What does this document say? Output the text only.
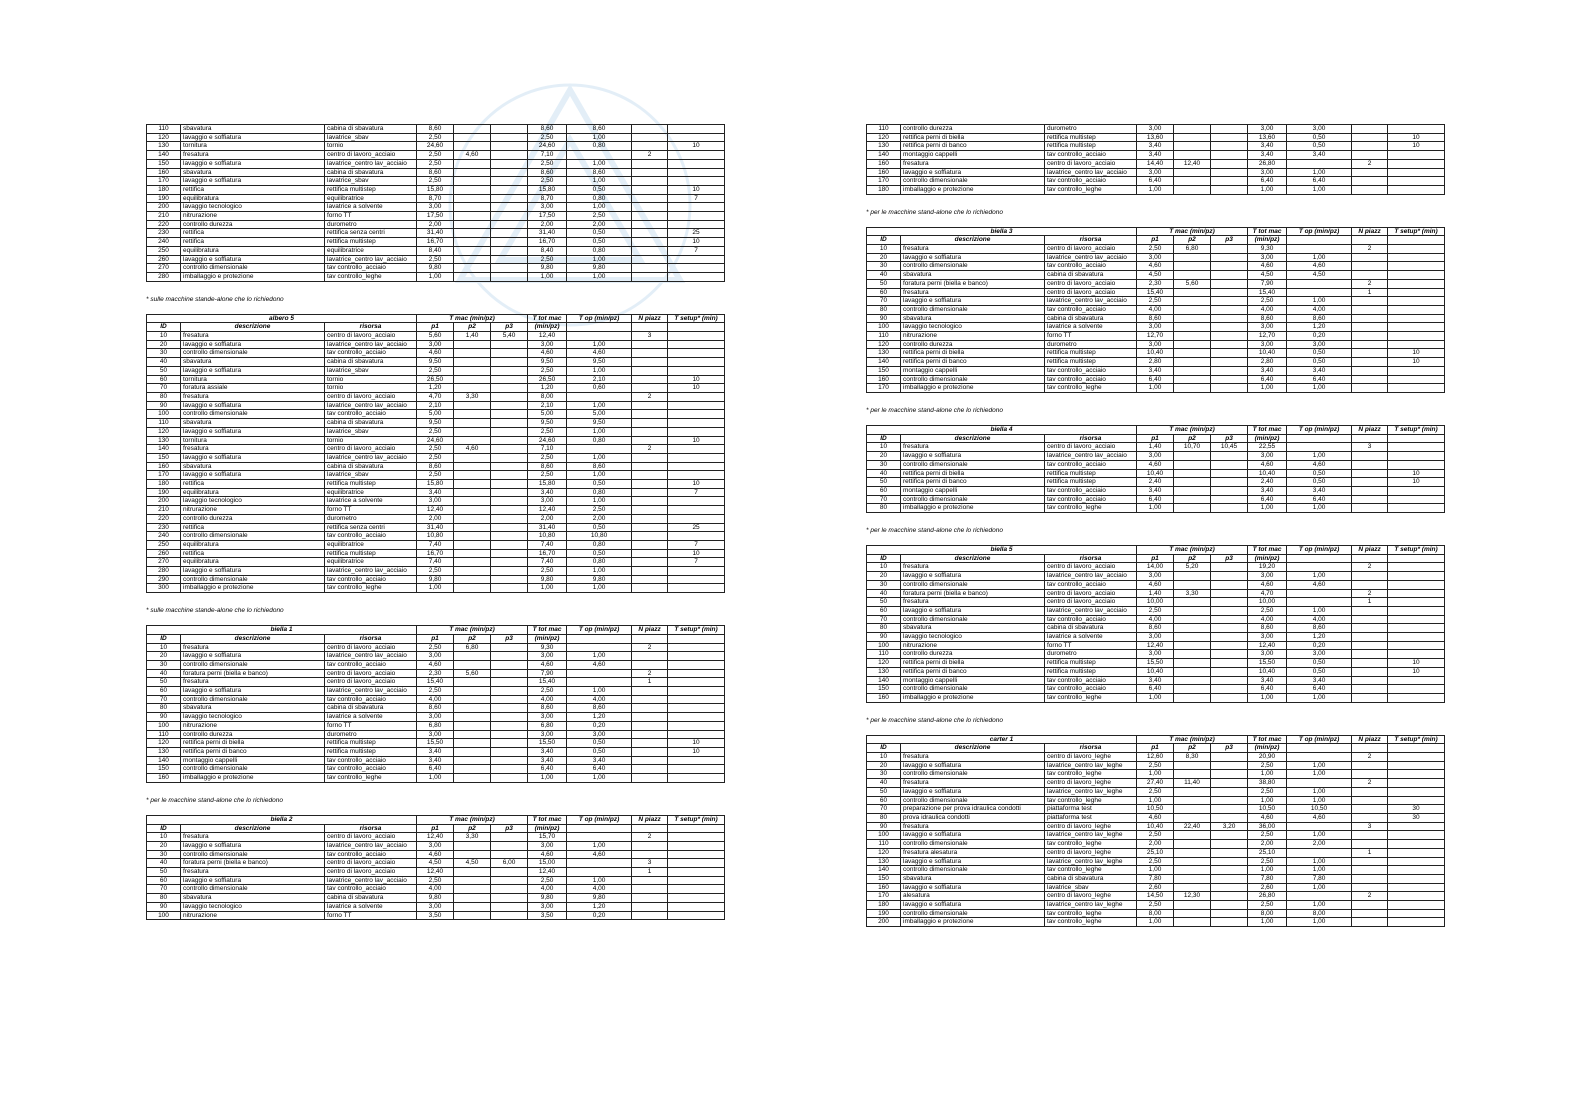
110	sbavatura	cabina di sbavatura	8,60			8,60	8,60		
120	lavaggio e soffiatura	lavatrice_sbav	2,50			2,50	1,00		
130	tornitura	tornio	24,60			24,60	0,80		10
140	fresatura	centro di lavoro_acciaio	2,50	4,60		7,10		2	
150	lavaggio e soffiatura	lavatrice_centro lav_acciaio	2,50			2,50	1,00		
160	sbavatura	cabina di sbavatura	8,60			8,60	8,60		
170	lavaggio e soffiatura	lavatrice_sbav	2,50			2,50	1,00		
180	rettifica	rettifica multistep	15,80			15,80	0,50		10
190	equilibratura	equilibratrice	8,70			8,70	0,80		7
200	lavaggio tecnologico	lavatrice a solvente	3,00			3,00	1,00		
210	nitrurazione	forno TT	17,50			17,50	2,50		
220	controllo durezza	durometro	2,00			2,00	2,00		
230	rettifica	rettifica senza centri	31,40			31,40	0,50		25
240	rettifica	rettifica multistep	16,70			16,70	0,50		10
250	equilibratura	equilibratrice	8,40			8,40	0,80		7
260	lavaggio e soffiatura	lavatrice_centro lav_acciaio	2,50			2,50	1,00		
270	controllo dimensionale	tav controllo_acciaio	9,80			9,80	9,80		
280	imballaggio e protezione	tav controllo_leghe	1,00			1,00	1,00		
* sulle macchine stande-alone che lo richiedono
albero 5			T mac (min/pz)			T tot mac	T op (min/pz)	N piazz	T setup* (min)
ID	descrizione	risorsa	p1	p2	p3	(min/pz)			
10	fresatura	centro di lavoro_acciaio	5,60	1,40	5,40	12,40		3	
20	lavaggio e soffiatura	lavatrice_centro lav_acciaio	3,00			3,00	1,00		
30	controllo dimensionale	tav controllo_acciaio	4,60			4,60	4,60		
40	sbavatura	cabina di sbavatura	9,50			9,50	9,50		
50	lavaggio e soffiatura	lavatrice_sbav	2,50			2,50	1,00		
60	tornitura	tornio	26,50			26,50	2,10		10
70	foratura assiale	tornio	1,20			1,20	0,60		10
80	fresatura	centro di lavoro_acciaio	4,70	3,30		8,00		2	
90	lavaggio e soffiatura	lavatrice_centro lav_acciaio	2,10			2,10	1,00		
100	controllo dimensionale	tav controllo_acciaio	5,00			5,00	5,00		
110	sbavatura	cabina di sbavatura	9,50			9,50	9,50		
120	lavaggio e soffiatura	lavatrice_sbav	2,50			2,50	1,00		
130	tornitura	tornio	24,60			24,60	0,80		10
140	fresatura	centro di lavoro_acciaio	2,50	4,60		7,10		2	
150	lavaggio e soffiatura	lavatrice_centro lav_acciaio	2,50			2,50	1,00		
160	sbavatura	cabina di sbavatura	8,60			8,60	8,60		
170	lavaggio e soffiatura	lavatrice_sbav	2,50			2,50	1,00		
180	rettifica	rettifica multistep	15,80			15,80	0,50		10
190	equilibratura	equilibratrice	3,40			3,40	0,80		7
200	lavaggio tecnologico	lavatrice a solvente	3,00			3,00	1,00		
210	nitrurazione	forno TT	12,40			12,40	2,50		
220	controllo durezza	durometro	2,00			2,00	2,00		
230	rettifica	rettifica senza centri	31,40			31,40	0,50		25
240	controllo dimensionale	tav controllo_acciaio	10,80			10,80	10,80		
250	equilibratura	equilibratrice	7,40			7,40	0,80		7
260	rettifica	rettifica multistep	16,70			16,70	0,50		10
270	equilibratura	equilibratrice	7,40			7,40	0,80		7
280	lavaggio e soffiatura	lavatrice_centro lav_acciaio	2,50			2,50	1,00		
290	controllo dimensionale	tav controllo_acciaio	9,80			9,80	9,80		
300	imballaggio e protezione	tav controllo_leghe	1,00			1,00	1,00		
* sulle macchine stande-alone che lo richiedono
biella 1			T mac (min/pz)			T tot mac	T op (min/pz)	N piazz	T setup* (min)
ID	descrizione	risorsa	p1	p2	p3	(min/pz)			
10	fresatura	centro di lavoro_acciaio	2,50	6,80		9,30		2	
20	lavaggio e soffiatura	lavatrice_centro lav_acciaio	3,00			3,00	1,00		
30	controllo dimensionale	tav controllo_acciaio	4,60			4,60	4,60		
40	foratura perni (biella e banco)	centro di lavoro_acciaio	2,30	5,60		7,90		2	
50	fresatura	centro di lavoro_acciaio	15,40			15,40		1	
60	lavaggio e soffiatura	lavatrice_centro lav_acciaio	2,50			2,50	1,00		
70	controllo dimensionale	tav controllo_acciaio	4,00			4,00	4,00		
80	sbavatura	cabina di sbavatura	8,60			8,60	8,60		
90	lavaggio tecnologico	lavatrice a solvente	3,00			3,00	1,20		
100	nitrurazione	forno TT	6,80			6,80	0,20		
110	controllo durezza	durometro	3,00			3,00	3,00		
120	rettifica perni di biella	rettifica multistep	15,50			15,50	0,50		10
130	rettifica perni di banco	rettifica multistep	3,40			3,40	0,50		10
140	montaggio cappelli	tav controllo_acciaio	3,40			3,40	3,40		
150	controllo dimensionale	tav controllo_acciaio	6,40			6,40	6,40		
160	imballaggio e protezione	tav controllo_leghe	1,00			1,00	1,00		
* per le macchine stand-alone che lo richiedono
biella 2			T mac (min/pz)			T tot mac	T op (min/pz)	N piazz	T setup* (min)
ID	descrizione	risorsa	p1	p2	p3	(min/pz)			
10	fresatura	centro di lavoro_acciaio	12,40	3,30		15,70		2	
20	lavaggio e soffiatura	lavatrice_centro lav_acciaio	3,00			3,00	1,00		
30	controllo dimensionale	tav controllo_acciaio	4,60			4,60	4,60		
40	foratura perni (biella e banco)	centro di lavoro_acciaio	4,50	4,50	6,00	15,00		3	
50	fresatura	centro di lavoro_acciaio	12,40			12,40		1	
60	lavaggio e soffiatura	lavatrice_centro lav_acciaio	2,50			2,50	1,00		
70	controllo dimensionale	tav controllo_acciaio	4,00			4,00	4,00		
80	sbavatura	cabina di sbavatura	9,80			9,80	9,80		
90	lavaggio tecnologico	lavatrice a solvente	3,00			3,00	1,20		
100	nitrurazione	forno TT	3,50			3,50	0,20		
110	controllo durezza	durometro	3,00			3,00	3,00		
120	rettifica perni di biella	rettifica multistep	13,60			13,60	0,50		10
130	rettifica perni di banco	rettifica multistep	3,40			3,40	0,50		10
140	montaggio cappelli	tav controllo_acciaio	3,40			3,40	3,40		
160	fresatura	centro di lavoro_acciaio	14,40	12,40		26,80		2	
160	lavaggio e soffiatura	lavatrice_centro lav_acciaio	3,00			3,00	1,00		
170	controllo dimensionale	tav controllo_acciaio	6,40			6,40	6,40		
180	imballaggio e protezione	tav controllo_leghe	1,00			1,00	1,00		
* per le macchine stand-alone che lo richiedono
biella 3			T mac (min/pz)			T tot mac	T op (min/pz)	N piazz	T setup* (min)
ID	descrizione	risorsa	p1	p2	p3	(min/pz)			
10	fresatura	centro di lavoro_acciaio	2,50	6,80		9,30		2	
20	lavaggio e soffiatura	lavatrice_centro lav_acciaio	3,00			3,00	1,00		
30	controllo dimensionale	tav controllo_acciaio	4,60			4,60	4,60		
40	sbavatura	cabina di sbavatura	4,50			4,50	4,50		
50	foratura perni (biella e banco)	centro di lavoro_acciaio	2,30	5,60		7,90		2	
60	fresatura	centro di lavoro_acciaio	15,40			15,40		1	
70	lavaggio e soffiatura	lavatrice_centro lav_acciaio	2,50			2,50	1,00		
80	controllo dimensionale	tav controllo_acciaio	4,00			4,00	4,00		
90	sbavatura	cabina di sbavatura	8,60			8,60	8,60		
100	lavaggio tecnologico	lavatrice a solvente	3,00			3,00	1,20		
110	nitrurazione	forno TT	12,70			12,70	0,20		
120	controllo durezza	durometro	3,00			3,00	3,00		
130	rettifica perni di biella	rettifica multistep	10,40			10,40	0,50		10
140	rettifica perni di banco	rettifica multistep	2,80			2,80	0,50		10
150	montaggio cappelli	tav controllo_acciaio	3,40			3,40	3,40		
160	controllo dimensionale	tav controllo_acciaio	6,40			6,40	6,40		
170	imballaggio e protezione	tav controllo_leghe	1,00			1,00	1,00		
* per le macchine stand-alone che lo richiedono
biella 4			T mac (min/pz)			T tot mac	T op (min/pz)	N piazz	T setup* (min)
ID	descrizione	risorsa	p1	p2	p3	(min/pz)			
10	fresatura	centro di lavoro_acciaio	1,40	10,70	10,45	22,55		3	
20	lavaggio e soffiatura	lavatrice_centro lav_acciaio	3,00			3,00	1,00		
30	controllo dimensionale	tav controllo_acciaio	4,60			4,60	4,60		
40	rettifica perni di biella	rettifica multistep	10,40			10,40	0,50		10
50	rettifica perni di banco	rettifica multistep	2,40			2,40	0,50		10
60	montaggio cappelli	tav controllo_acciaio	3,40			3,40	3,40		
70	controllo dimensionale	tav controllo_acciaio	6,40			6,40	6,40		
80	imballaggio e protezione	tav controllo_leghe	1,00			1,00	1,00		
* per le macchine stand-alone che lo richiedono
biella 5			T mac (min/pz)			T tot mac	T op (min/pz)	N piazz	T setup* (min)
ID	descrizione	risorsa	p1	p2	p3	(min/pz)			
10	fresatura	centro di lavoro_acciaio	14,00	5,20		19,20		2	
20	lavaggio e soffiatura	lavatrice_centro lav_acciaio	3,00			3,00	1,00		
30	controllo dimensionale	tav controllo_acciaio	4,60			4,60	4,60		
40	foratura perni (biella e banco)	centro di lavoro_acciaio	1,40	3,30		4,70		2	
50	fresatura	centro di lavoro_acciaio	10,00			10,00		1	
60	lavaggio e soffiatura	lavatrice_centro lav_acciaio	2,50			2,50	1,00		
70	controllo dimensionale	tav controllo_acciaio	4,00			4,00	4,00		
80	sbavatura	cabina di sbavatura	8,60			8,60	8,60		
90	lavaggio tecnologico	lavatrice a solvente	3,00			3,00	1,20		
100	nitrurazione	forno TT	12,40			12,40	0,20		
110	controllo durezza	durometro	3,00			3,00	3,00		
120	rettifica perni di biella	rettifica multistep	15,50			15,50	0,50		10
130	rettifica perni di banco	rettifica multistep	10,40			10,40	0,50		10
140	montaggio cappelli	tav controllo_acciaio	3,40			3,40	3,40		
150	controllo dimensionale	tav controllo_acciaio	6,40			6,40	6,40		
160	imballaggio e protezione	tav controllo_leghe	1,00			1,00	1,00		
* per le macchine stand-alone che lo richiedono
carter 1			T mac (min/pz)			T tot mac	T op (min/pz)	N piazz	T setup* (min)
ID	descrizione	risorsa	p1	p2	p3	(min/pz)			
10	fresatura	centro di lavoro_leghe	12,60	8,30		20,90		2	
20	lavaggio e soffiatura	lavatrice_centro lav_leghe	2,50			2,50	1,00		
30	controllo dimensionale	tav controllo_leghe	1,00			1,00	1,00		
40	fresatura	centro di lavoro_leghe	27,40	11,40		38,80		2	
50	lavaggio e soffiatura	lavatrice_centro lav_leghe	2,50			2,50	1,00		
60	controllo dimensionale	tav controllo_leghe	1,00			1,00	1,00		
70	preparazione per prova idraulica condotti	piattaforma test	10,50			10,50	10,50		30
80	prova idraulica condotti	piattaforma test	4,60			4,60	4,60		30
90	fresatura	centro di lavoro_leghe	10,40	22,40	3,20	36,00		3	
100	lavaggio e soffiatura	lavatrice_centro lav_leghe	2,50			2,50	1,00		
110	controllo dimensionale	tav controllo_leghe	2,00			2,00	2,00		
120	fresatura alesatura	centro di lavoro_leghe	25,10			25,10		1	
130	lavaggio e soffiatura	lavatrice_centro lav_leghe	2,50			2,50	1,00		
140	controllo dimensionale	tav controllo_leghe	1,00			1,00	1,00		
150	sbavatura	cabina di sbavatura	7,80			7,80	7,80		
160	lavaggio e soffiatura	lavatrice_sbav	2,60			2,60	1,00		
170	alesatura	centro di lavoro_leghe	14,50	12,30		26,80		2	
180	lavaggio e soffiatura	lavatrice_centro lav_leghe	2,50			2,50	1,00		
190	controllo dimensionale	tav controllo_leghe	8,00			8,00	8,00		
200	imballaggio e protezione	tav controllo_leghe	1,00			1,00	1,00		
